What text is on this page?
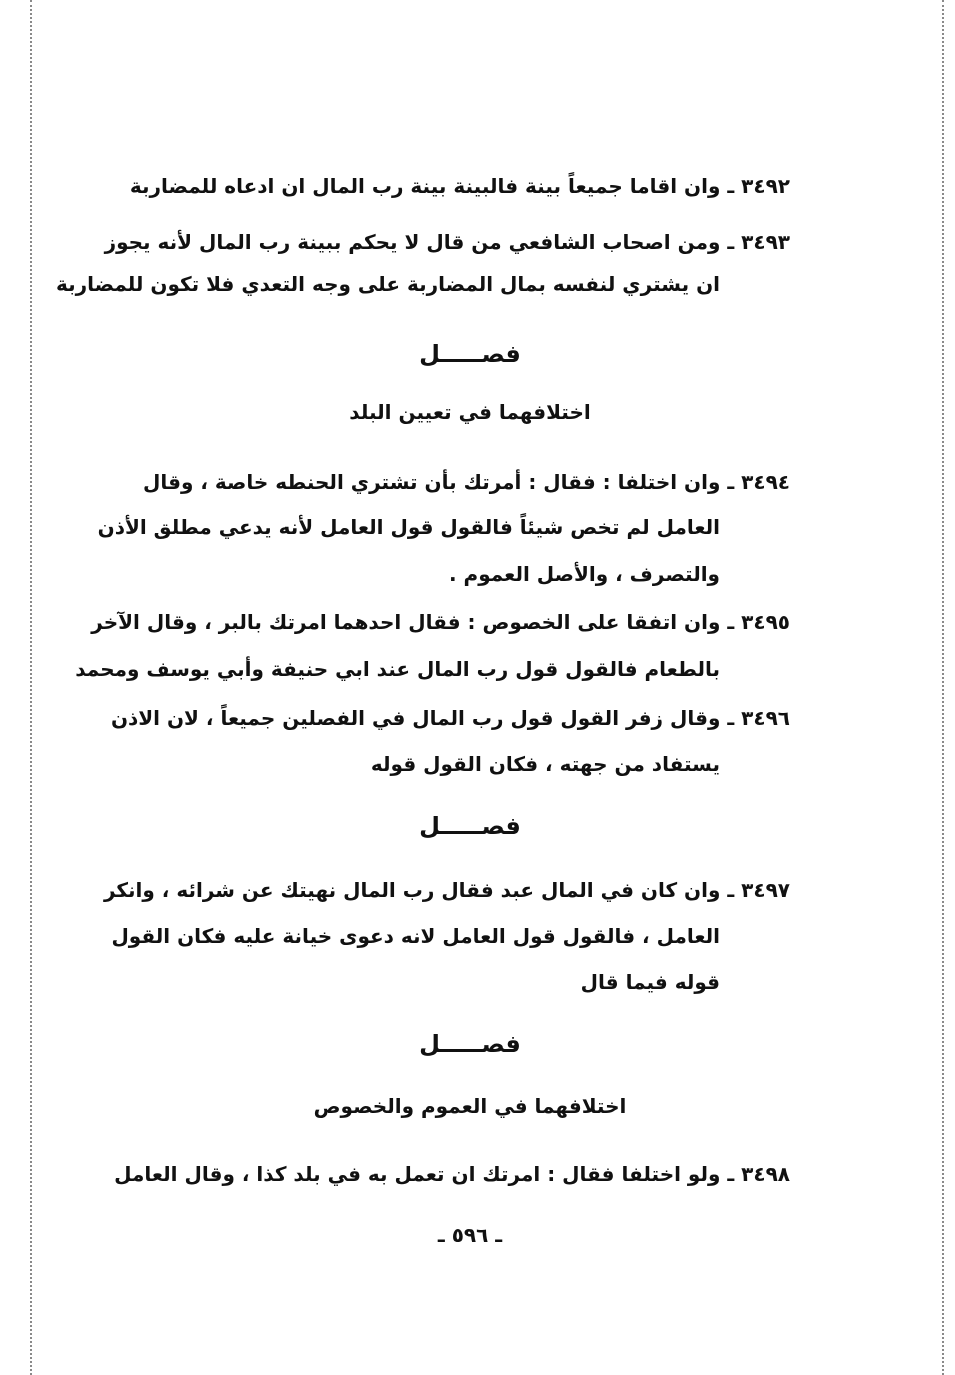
٣٤٩٢ ـ وان اقاما جميعاً بينة فالبينة بينة رب المال ان ادعاه للمضاربة
٣٤٩٣ ـ ومن اصحاب الشافعي من قال لا يحكم ببينة رب المال لأنه يجوز
ان يشتري لنفسه بمال المضاربة على وجه التعدي فلا تكون للمضاربة
فصـــــل
اختلافهما في تعيين البلد
٣٤٩٤ ـ وان اختلفا : فقال : أمرتك بأن تشتري الحنطه خاصة ، وقال
العامل لم تخص شيئاً فالقول قول العامل لأنه يدعي مطلق الأذن
والتصرف ، والأصل العموم .
٣٤٩٥ ـ وان اتفقا على الخصوص : فقال احدهما امرتك بالبر ، وقال الآخر
بالطعام فالقول قول رب المال عند ابي حنيفة وأبي يوسف ومحمد
٣٤٩٦ ـ وقال زفر القول قول رب المال في الفصلين جميعاً ، لان الاذن
يستفاد من جهته ، فكان القول قوله
فصـــــل
٣٤٩٧ ـ وان كان في المال عبد فقال رب المال نهيتك عن شرائه ، وانكر
العامل ، فالقول قول العامل لانه دعوى خيانة عليه فكان القول
قوله فيما قال
فصـــــل
اختلافهما في العموم والخصوص
٣٤٩٨ ـ ولو اختلفا فقال : امرتك ان تعمل به في بلد كذا ، وقال العامل
ـ ٥٩٦ ـ
